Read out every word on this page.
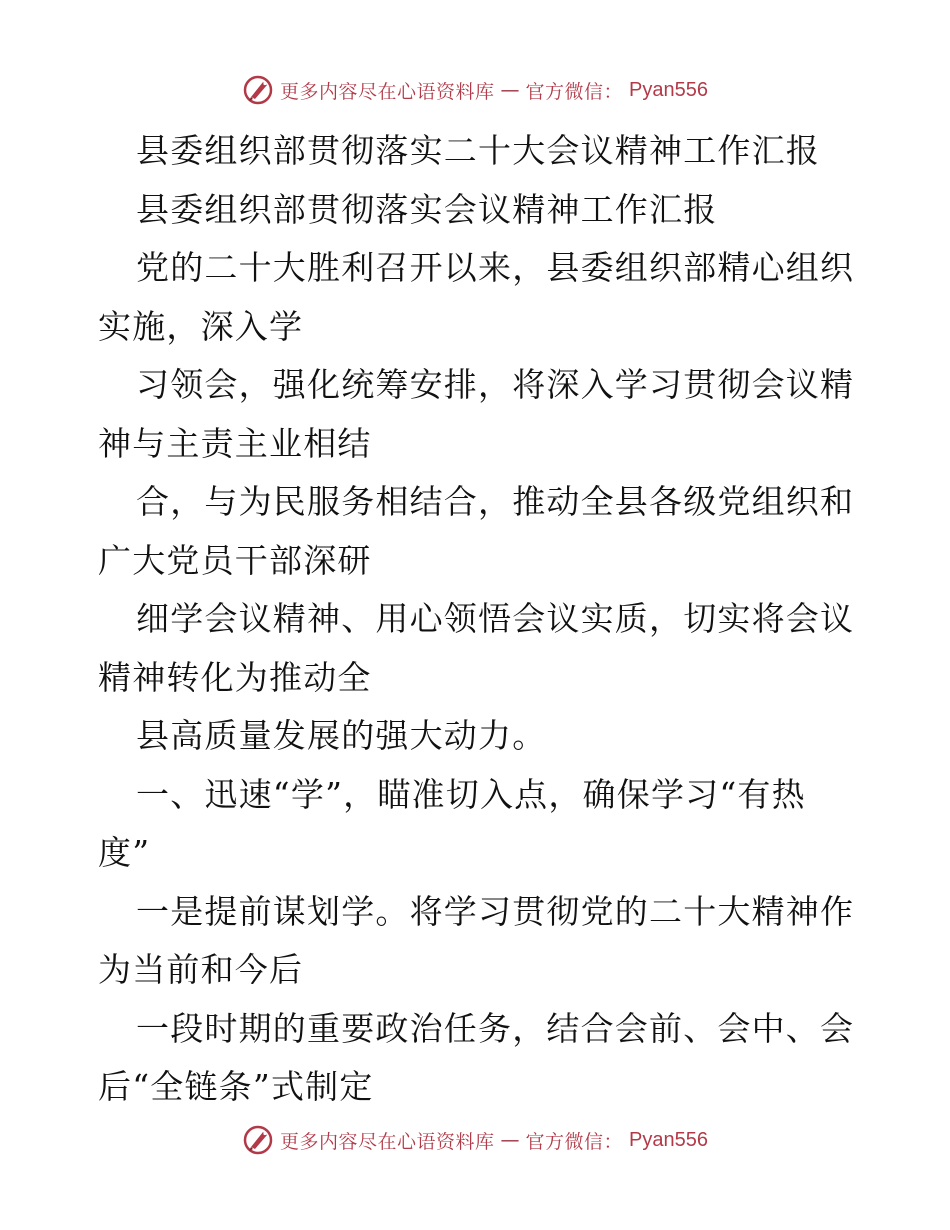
更多内容尽在心语资料库 — 官方微信： Pyan556
县委组织部贯彻落实二十大会议精神工作汇报
县委组织部贯彻落实会议精神工作汇报
党的二十大胜利召开以来，县委组织部精心组织
实施，深入学
习领会，强化统筹安排，将深入学习贯彻会议精
神与主责主业相结
合，与为民服务相结合，推动全县各级党组织和
广大党员干部深研
细学会议精神、用心领悟会议实质，切实将会议
精神转化为推动全
县高质量发展的强大动力。
一、迅速“学”，瞄准切入点，确保学习“有热
度”
一是提前谋划学。将学习贯彻党的二十大精神作
为当前和今后
一段时期的重要政治任务，结合会前、会中、会
后“全链条”式制定
更多内容尽在心语资料库 — 官方微信： Pyan556
